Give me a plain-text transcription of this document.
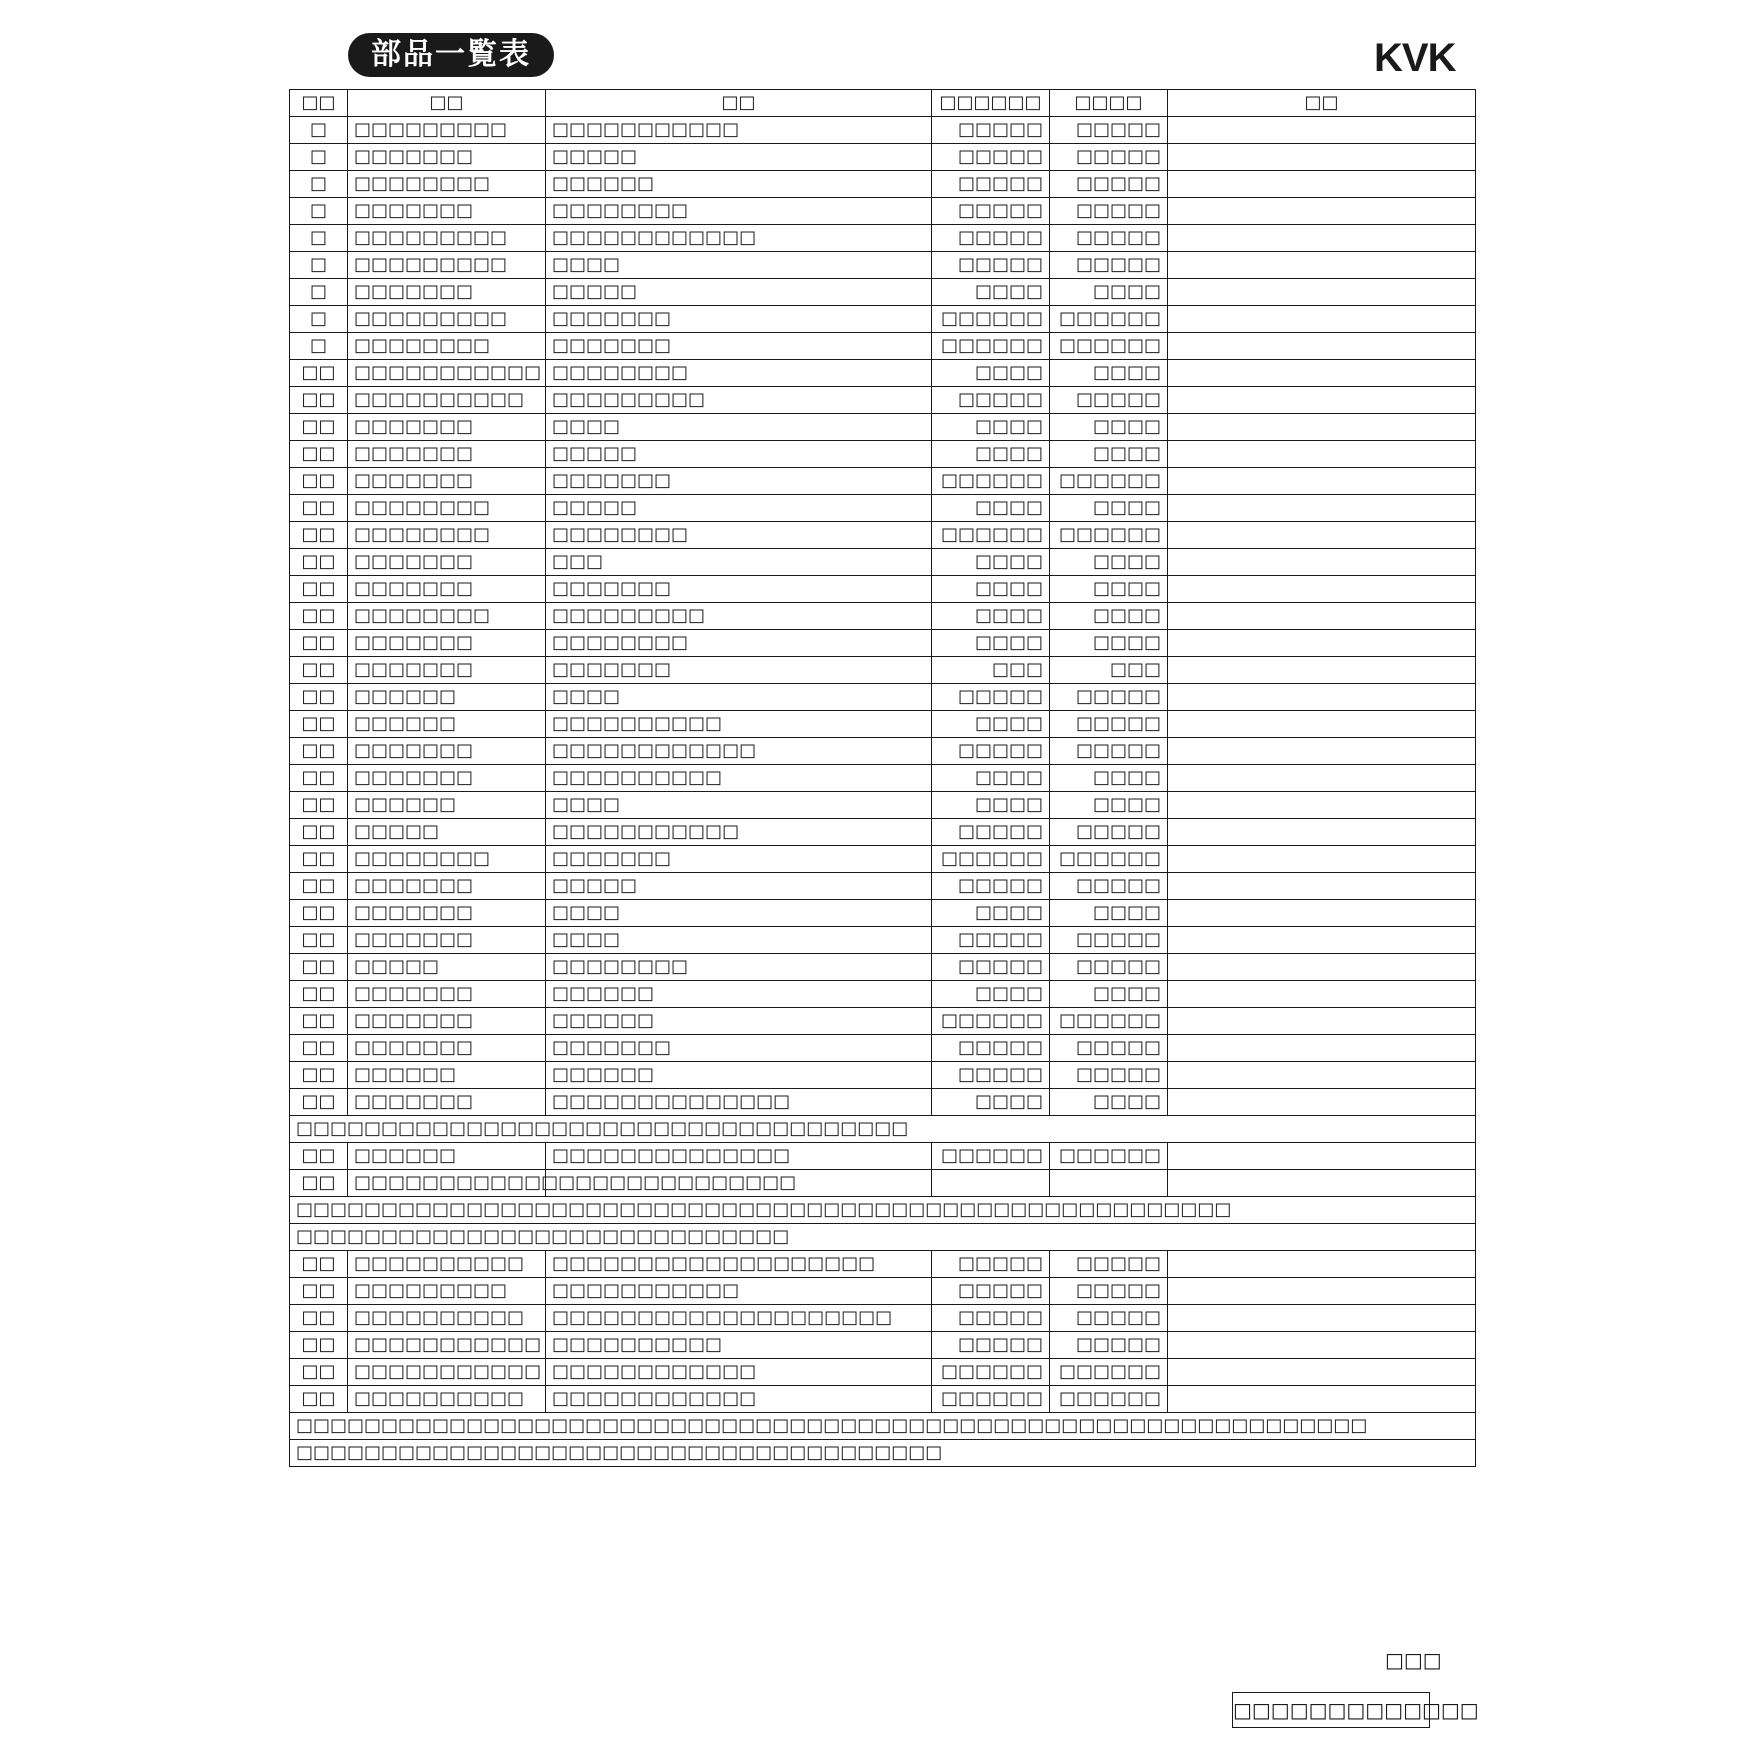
部品一覧表	KVK
□□	□□	□□	□□□□□□	□□□□	□□
□	□□□□□□□□□	□□□□□□□□□□□	□□□□□	□□□□□	
□	□□□□□□□	□□□□□	□□□□□	□□□□□	
□	□□□□□□□□	□□□□□□	□□□□□	□□□□□	
□	□□□□□□□	□□□□□□□□	□□□□□	□□□□□	
□	□□□□□□□□□	□□□□□□□□□□□□	□□□□□	□□□□□	
□	□□□□□□□□□	□□□□	□□□□□	□□□□□	
□	□□□□□□□	□□□□□	□□□□	□□□□	
□	□□□□□□□□□	□□□□□□□	□□□□□□	□□□□□□	
□	□□□□□□□□	□□□□□□□	□□□□□□	□□□□□□	
□□	□□□□□□□□□□□	□□□□□□□□	□□□□	□□□□	
□□	□□□□□□□□□□	□□□□□□□□□	□□□□□	□□□□□	
□□	□□□□□□□	□□□□	□□□□	□□□□	
□□	□□□□□□□	□□□□□	□□□□	□□□□	
□□	□□□□□□□	□□□□□□□	□□□□□□	□□□□□□	
□□	□□□□□□□□	□□□□□	□□□□	□□□□	
□□	□□□□□□□□	□□□□□□□□	□□□□□□	□□□□□□	
□□	□□□□□□□	□□□	□□□□	□□□□	
□□	□□□□□□□	□□□□□□□	□□□□	□□□□	
□□	□□□□□□□□	□□□□□□□□□	□□□□	□□□□	
□□	□□□□□□□	□□□□□□□□	□□□□	□□□□	
□□	□□□□□□□	□□□□□□□	□□□	□□□	
□□	□□□□□□	□□□□	□□□□□	□□□□□	
□□	□□□□□□	□□□□□□□□□□	□□□□	□□□□□	
□□	□□□□□□□	□□□□□□□□□□□□	□□□□□	□□□□□	
□□	□□□□□□□	□□□□□□□□□□	□□□□	□□□□	
□□	□□□□□□	□□□□	□□□□	□□□□	
□□	□□□□□	□□□□□□□□□□□	□□□□□	□□□□□	
□□	□□□□□□□□	□□□□□□□	□□□□□□	□□□□□□	
□□	□□□□□□□	□□□□□	□□□□□	□□□□□	
□□	□□□□□□□	□□□□	□□□□	□□□□	
□□	□□□□□□□	□□□□	□□□□□	□□□□□	
□□	□□□□□	□□□□□□□□	□□□□□	□□□□□	
□□	□□□□□□□	□□□□□□	□□□□	□□□□	
□□	□□□□□□□	□□□□□□	□□□□□□	□□□□□□	
□□	□□□□□□□	□□□□□□□	□□□□□	□□□□□	
□□	□□□□□□	□□□□□□	□□□□□	□□□□□	
□□	□□□□□□□	□□□□□□□□□□□□□□	□□□□	□□□□	
□□□□□□□□□□□□□□□□□□□□□□□□□□□□□□□□□□□□					
□□	□□□□□□	□□□□□□□□□□□□□□	□□□□□□	□□□□□□	
□□	□□□□□□□□□□□□□□□□□□□□□□□□□□				
□□□□□□□□□□□□□□□□□□□□□□□□□□□□□□□□□□□□□□□□□□□□□□□□□□□□□□□					
□□□□□□□□□□□□□□□□□□□□□□□□□□□□□					
□□	□□□□□□□□□□	□□□□□□□□□□□□□□□□□□□	□□□□□	□□□□□	
□□	□□□□□□□□□	□□□□□□□□□□□	□□□□□	□□□□□	
□□	□□□□□□□□□□	□□□□□□□□□□□□□□□□□□□□	□□□□□	□□□□□	
□□	□□□□□□□□□□□	□□□□□□□□□□	□□□□□	□□□□□	
□□	□□□□□□□□□□□	□□□□□□□□□□□□	□□□□□□	□□□□□□	
□□	□□□□□□□□□□	□□□□□□□□□□□□	□□□□□□	□□□□□□	
□□□□□□□□□□□□□□□□□□□□□□□□□□□□□□□□□□□□□□□□□□□□□□□□□□□□□□□□□□□□□□□					
□□□□□□□□□□□□□□□□□□□□□□□□□□□□□□□□□□□□□□					
□□□
□□□□□□□□□□□□□
